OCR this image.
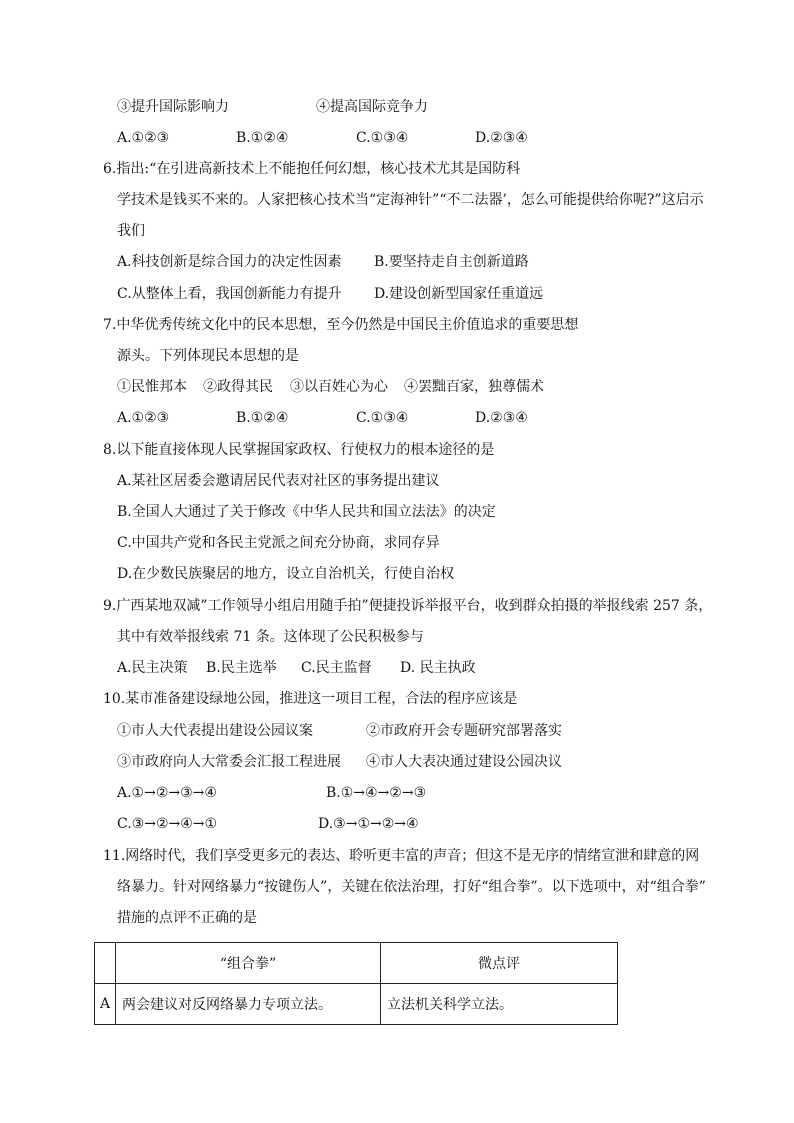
③提升国际影响力	④提高国际竞争力
A.①②③	B.①②④	C.①③④	D.②③④
6.指出:“在引进高新技术上不能抱任何幻想，核心技术尤其是国防科
学技术是钱买不来的。人家把核心技术当“定海神针”“不二法器’，怎么可能提供给你呢?”这启示
我们
A.科技创新是综合国力的决定性因素 B.要坚持走自主创新道路
C.从整体上看，我国创新能力有提升 D.建设创新型国家任重道远
7.中华优秀传统文化中的民本思想，至今仍然是中国民主价值追求的重要思想
源头。下列体现民本思想的是
①民惟邦本 ②政得其民 ③以百姓心为心 ④罢黜百家，独尊儒术
A.①②③	B.①②④	C.①③④	D.②③④
8.以下能直接体现人民掌握国家政权、行使权力的根本途径的是
A.某社区居委会邀请居民代表对社区的事务提出建议
B.全国人大通过了关于修改《中华人民共和国立法法》的决定
C.中国共产党和各民主党派之间充分协商，求同存异
D.在少数民族聚居的地方，设立自治机关，行使自治权
9.广西某地双减”工作领导小组启用随手拍”便捷投诉举报平台，收到群众拍摄的举报线索 257 条，
其中有效举报线索 71 条。这体现了公民积极参与
A.民主决策 B.民主选举 C.民主监督 D. 民主执政
10.某市准备建设绿地公园，推进这一项目工程，合法的程序应该是
①市人大代表提出建设公园议案	②市政府开会专题研究部署落实
③市政府向人大常委会汇报工程进展 ④市人大表决通过建设公园决议
A.①→②→③→④	B.①→④→②→③
C.③→②→④→①	D.③→①→②→④
11.网络时代，我们享受更多元的表达、聆听更丰富的声音；但这不是无序的情绪宣泄和肆意的网
络暴力。针对网络暴力“按键伤人”，关键在依法治理，打好“组合拳”。以下选项中，对“组合拳”
措施的点评不正确的是
	“组合拳”	微点评
A	两会建议对反网络暴力专项立法。	立法机关科学立法。
